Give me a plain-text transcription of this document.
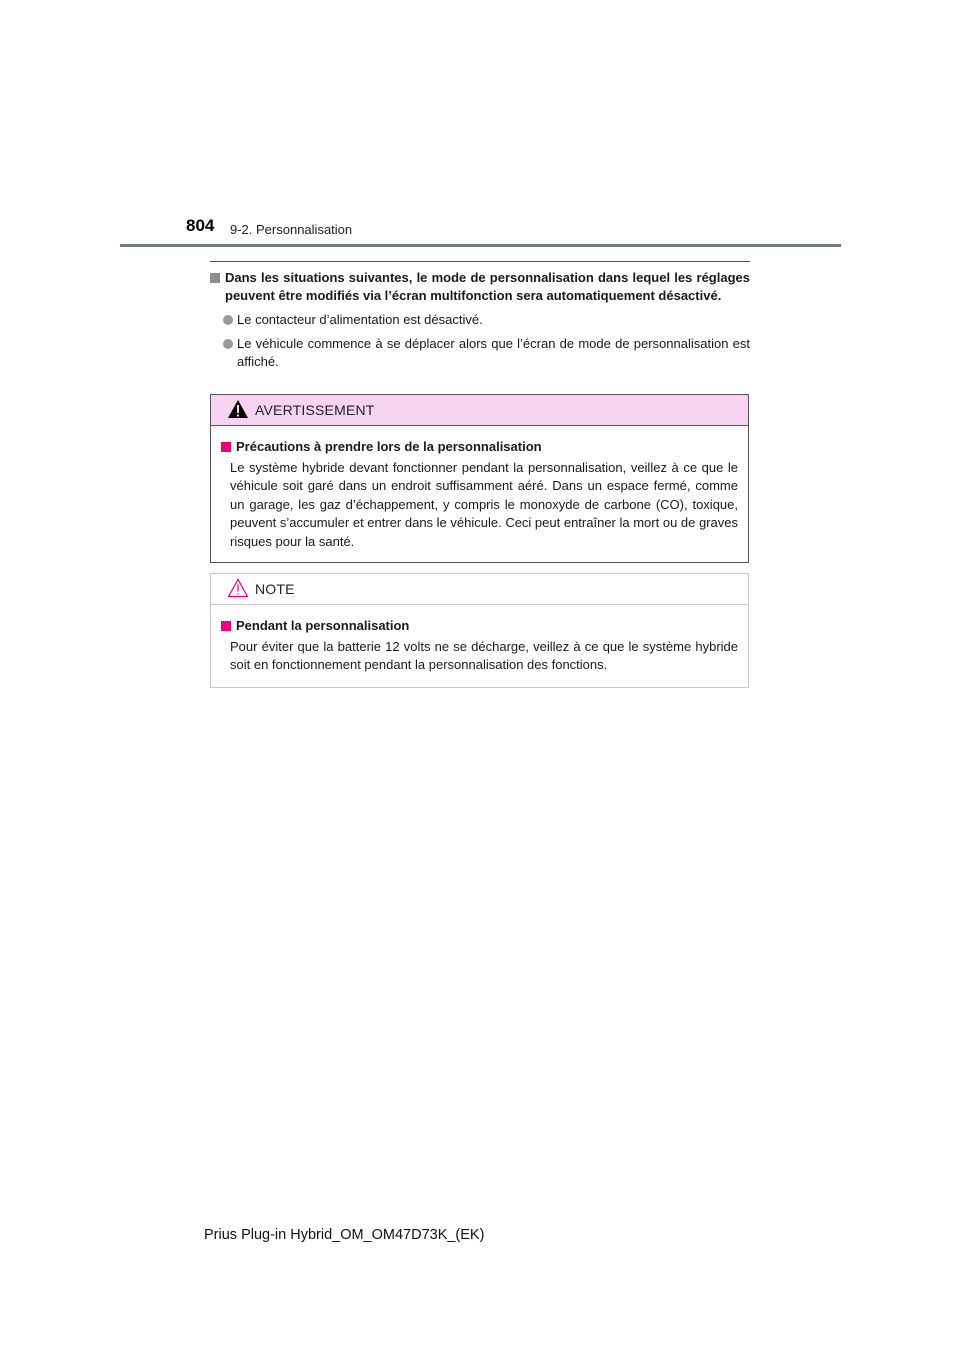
804 9-2. Personnalisation
Dans les situations suivantes, le mode de personnalisation dans lequel les réglages peuvent être modifiés via l’écran multifonction sera automatiquement désactivé.
Le contacteur d’alimentation est désactivé.
Le véhicule commence à se déplacer alors que l’écran de mode de personnalisation est affiché.
AVERTISSEMENT
Précautions à prendre lors de la personnalisation
Le système hybride devant fonctionner pendant la personnalisation, veillez à ce que le véhicule soit garé dans un endroit suffisamment aéré. Dans un espace fermé, comme un garage, les gaz d’échappement, y compris le monoxyde de carbone (CO), toxique, peuvent s’accumuler et entrer dans le véhicule. Ceci peut entraîner la mort ou de graves risques pour la santé.
NOTE
Pendant la personnalisation
Pour éviter que la batterie 12 volts ne se décharge, veillez à ce que le système hybride soit en fonctionnement pendant la personnalisation des fonctions.
Prius Plug-in Hybrid_OM_OM47D73K_(EK)
